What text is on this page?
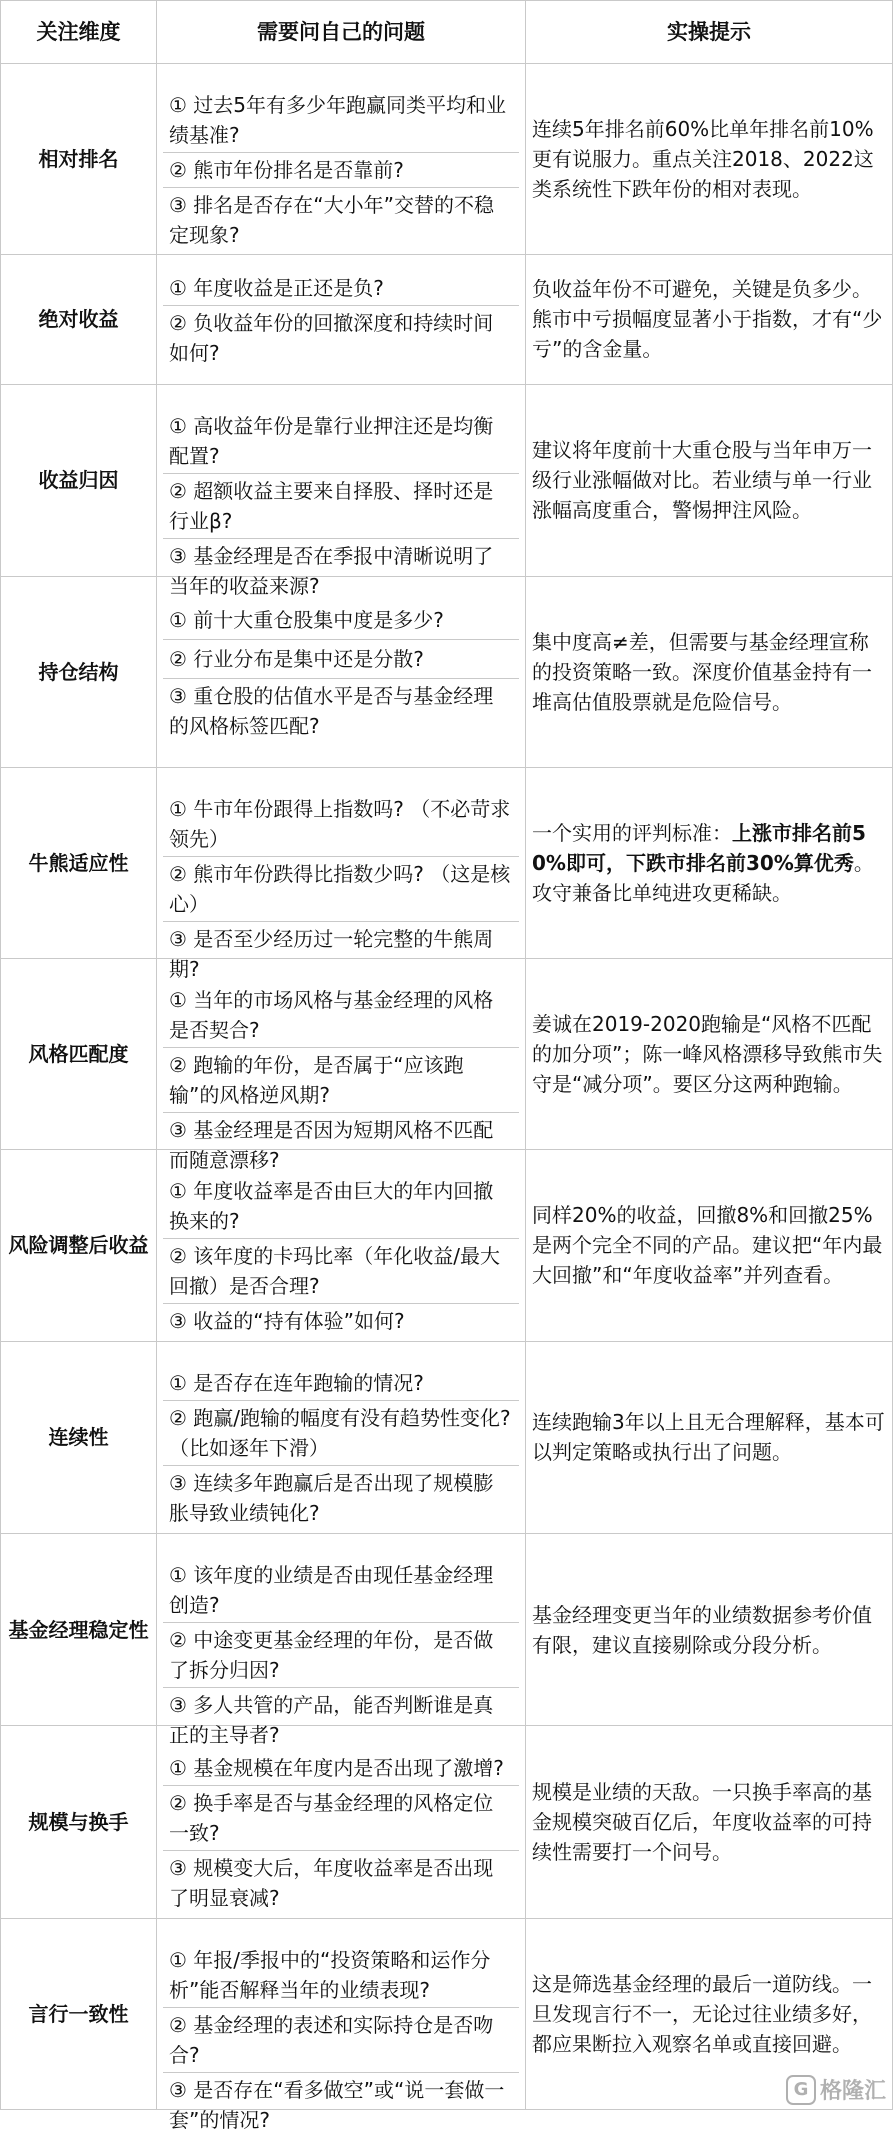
关注维度	需要问自己的问题	实操提示
相对排名	① 过去5年有多少年跑赢同类平均和业绩基准?
② 熊市年份排名是否靠前?
③ 排名是否存在“大小年”交替的不稳定现象?	连续5年排名前60%比单年排名前10%更有说服力。重点关注2018、2022这类系统性下跌年份的相对表现。
绝对收益	① 年度收益是正还是负?
② 负收益年份的回撤深度和持续时间如何?	负收益年份不可避免，关键是负多少。熊市中亏损幅度显著小于指数，才有“少亏”的含金量。
收益归因	① 高收益年份是靠行业押注还是均衡配置?
② 超额收益主要来自择股、择时还是行业β?
③ 基金经理是否在季报中清晰说明了当年的收益来源?	建议将年度前十大重仓股与当年申万一级行业涨幅做对比。若业绩与单一行业涨幅高度重合，警惕押注风险。
持仓结构	① 前十大重仓股集中度是多少?
② 行业分布是集中还是分散?
③ 重仓股的估值水平是否与基金经理的风格标签匹配?	集中度高≠差，但需要与基金经理宣称的投资策略一致。深度价值基金持有一堆高估值股票就是危险信号。
牛熊适应性	① 牛市年份跟得上指数吗? （不必苛求领先）
② 熊市年份跌得比指数少吗? （这是核心）
③ 是否至少经历过一轮完整的牛熊周期?	一个实用的评判标准：上涨市排名前50%即可，下跌市排名前30%算优秀。攻守兼备比单纯进攻更稀缺。
风格匹配度	① 当年的市场风格与基金经理的风格是否契合?
② 跑输的年份，是否属于“应该跑输”的风格逆风期?
③ 基金经理是否因为短期风格不匹配而随意漂移?	姜诚在2019-2020跑输是“风格不匹配的加分项”；陈一峰风格漂移导致熊市失守是“减分项”。要区分这两种跑输。
风险调整后收益	① 年度收益率是否由巨大的年内回撤换来的?
② 该年度的卡玛比率（年化收益/最大回撤）是否合理?
③ 收益的“持有体验”如何?	同样20%的收益，回撤8%和回撤25%是两个完全不同的产品。建议把“年内最大回撤”和“年度收益率”并列查看。
连续性	① 是否存在连年跑输的情况?
② 跑赢/跑输的幅度有没有趋势性变化? （比如逐年下滑）
③ 连续多年跑赢后是否出现了规模膨胀导致业绩钝化?	连续跑输3年以上且无合理解释，基本可以判定策略或执行出了问题。
基金经理稳定性	① 该年度的业绩是否由现任基金经理创造?
② 中途变更基金经理的年份，是否做了拆分归因?
③ 多人共管的产品，能否判断谁是真正的主导者?	基金经理变更当年的业绩数据参考价值有限，建议直接剔除或分段分析。
规模与换手	① 基金规模在年度内是否出现了激增?
② 换手率是否与基金经理的风格定位一致?
③ 规模变大后，年度收益率是否出现了明显衰减?	规模是业绩的天敌。一只换手率高的基金规模突破百亿后，年度收益率的可持续性需要打一个问号。
言行一致性	① 年报/季报中的“投资策略和运作分析”能否解释当年的业绩表现?
② 基金经理的表述和实际持仓是否吻合?
③ 是否存在“看多做空”或“说一套做一套”的情况?	这是筛选基金经理的最后一道防线。一旦发现言行不一，无论过往业绩多好，都应果断拉入观察名单或直接回避。
G 格隆汇
